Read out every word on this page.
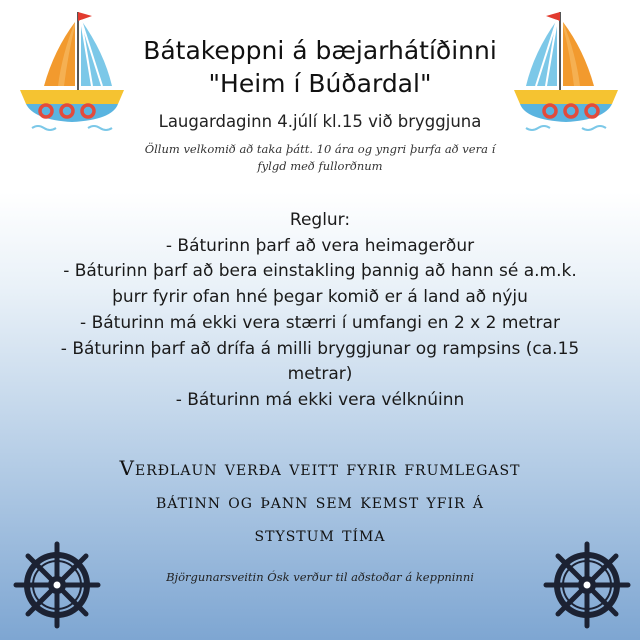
Bátakeppni á bæjarhátíðinni
"Heim í Búðardal"
Laugardaginn 4.júlí kl.15 við bryggjuna
Öllum velkomið að taka þátt. 10 ára og yngri þurfa að vera í fylgd með fullorðnum
Reglur:
- Báturinn þarf að vera heimagerður
- Báturinn þarf að bera einstakling þannig að hann sé a.m.k.
þurr fyrir ofan hné þegar komið er á land að nýju
- Báturinn má ekki vera stærri í umfangi en 2 x 2 metrar
- Báturinn þarf að drífa á milli bryggjunar og rampsins (ca.15
metrar)
- Báturinn má ekki vera vélknúinn
Verðlaun verða veitt fyrir frumlegast
bátinn og þann sem kemst yfir á
stystum tíma
Björgunarsveitin Ósk verður til aðstoðar á keppninni
